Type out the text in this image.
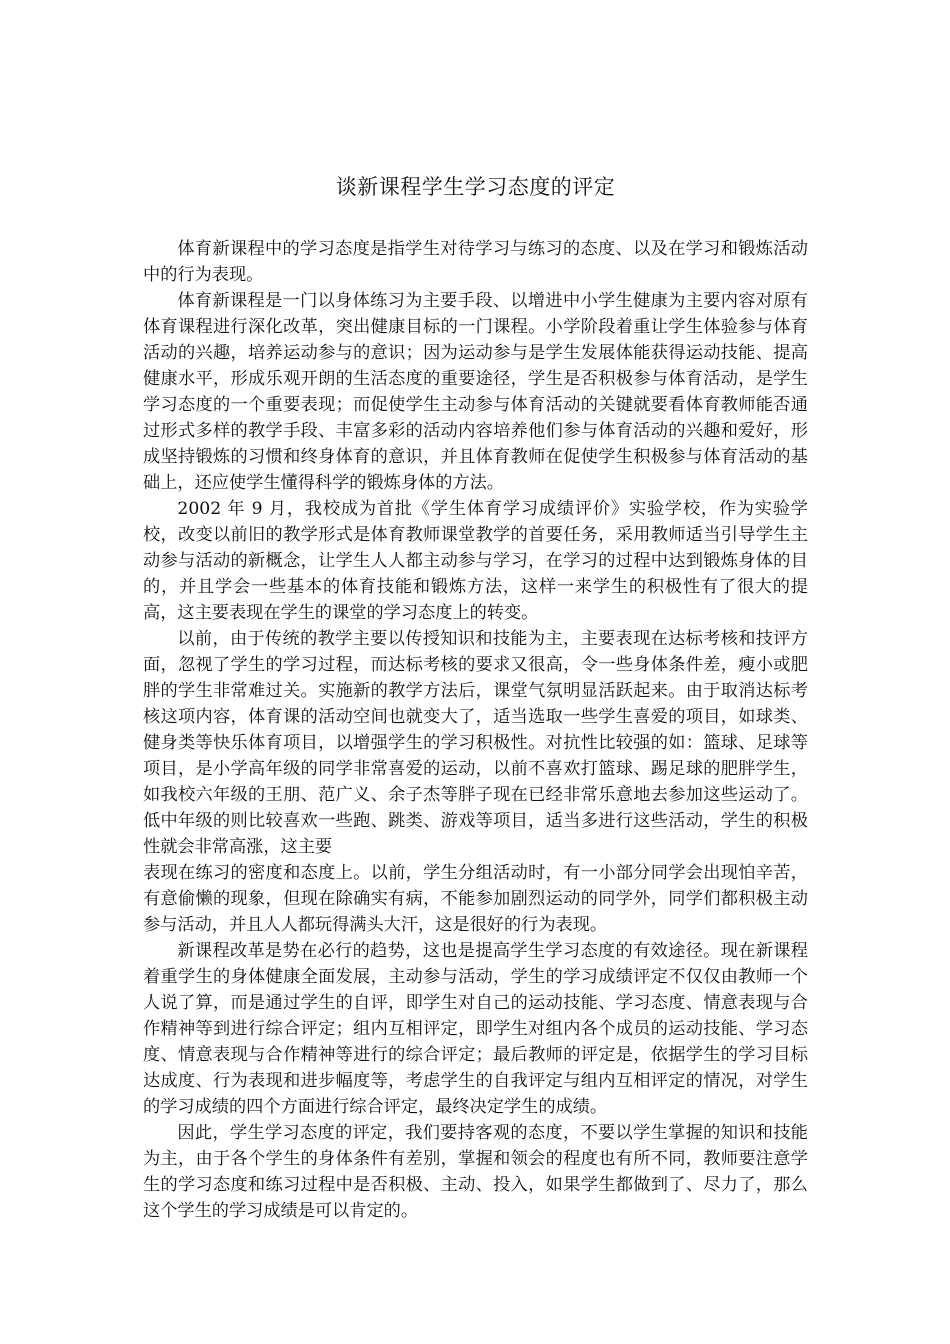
谈新课程学生学习态度的评定

体育新课程中的学习态度是指学生对待学习与练习的态度、以及在学习和锻炼活动中的行为表现。

体育新课程是一门以身体练习为主要手段、以增进中小学生健康为主要内容对原有体育课程进行深化改革，突出健康目标的一门课程。小学阶段着重让学生体验参与体育活动的兴趣，培养运动参与的意识；因为运动参与是学生发展体能获得运动技能、提高健康水平，形成乐观开朗的生活态度的重要途径，学生是否积极参与体育活动，是学生学习态度的一个重要表现；而促使学生主动参与体育活动的关键就要看体育教师能否通过形式多样的教学手段、丰富多彩的活动内容培养他们参与体育活动的兴趣和爱好，形成坚持锻炼的习惯和终身体育的意识，并且体育教师在促使学生积极参与体育活动的基础上，还应使学生懂得科学的锻炼身体的方法。

2002 年 9 月，我校成为首批《学生体育学习成绩评价》实验学校，作为实验学校，改变以前旧的教学形式是体育教师课堂教学的首要任务，采用教师适当引导学生主动参与活动的新概念，让学生人人都主动参与学习，在学习的过程中达到锻炼身体的目的，并且学会一些基本的体育技能和锻炼方法，这样一来学生的积极性有了很大的提高，这主要表现在学生的课堂的学习态度上的转变。

以前，由于传统的教学主要以传授知识和技能为主，主要表现在达标考核和技评方面，忽视了学生的学习过程，而达标考核的要求又很高，令一些身体条件差，瘦小或肥胖的学生非常难过关。实施新的教学方法后，课堂气氛明显活跃起来。由于取消达标考核这项内容，体育课的活动空间也就变大了，适当选取一些学生喜爱的项目，如球类、健身类等快乐体育项目，以增强学生的学习积极性。对抗性比较强的如：篮球、足球等项目，是小学高年级的同学非常喜爱的运动，以前不喜欢打篮球、踢足球的肥胖学生，如我校六年级的王朋、范广义、余子杰等胖子现在已经非常乐意地去参加这些运动了。低中年级的则比较喜欢一些跑、跳类、游戏等项目，适当多进行这些活动，学生的积极性就会非常高涨，这主要

表现在练习的密度和态度上。以前，学生分组活动时，有一小部分同学会出现怕辛苦，有意偷懒的现象，但现在除确实有病，不能参加剧烈运动的同学外，同学们都积极主动参与活动，并且人人都玩得满头大汗，这是很好的行为表现。

新课程改革是势在必行的趋势，这也是提高学生学习态度的有效途径。现在新课程着重学生的身体健康全面发展，主动参与活动，学生的学习成绩评定不仅仅由教师一个人说了算，而是通过学生的自评，即学生对自己的运动技能、学习态度、情意表现与合作精神等到进行综合评定；组内互相评定，即学生对组内各个成员的运动技能、学习态度、情意表现与合作精神等进行的综合评定；最后教师的评定是，依据学生的学习目标达成度、行为表现和进步幅度等，考虑学生的自我评定与组内互相评定的情况，对学生的学习成绩的四个方面进行综合评定，最终决定学生的成绩。

因此，学生学习态度的评定，我们要持客观的态度，不要以学生掌握的知识和技能为主，由于各个学生的身体条件有差别，掌握和领会的程度也有所不同，教师要注意学生的学习态度和练习过程中是否积极、主动、投入，如果学生都做到了、尽力了，那么这个学生的学习成绩是可以肯定的。
